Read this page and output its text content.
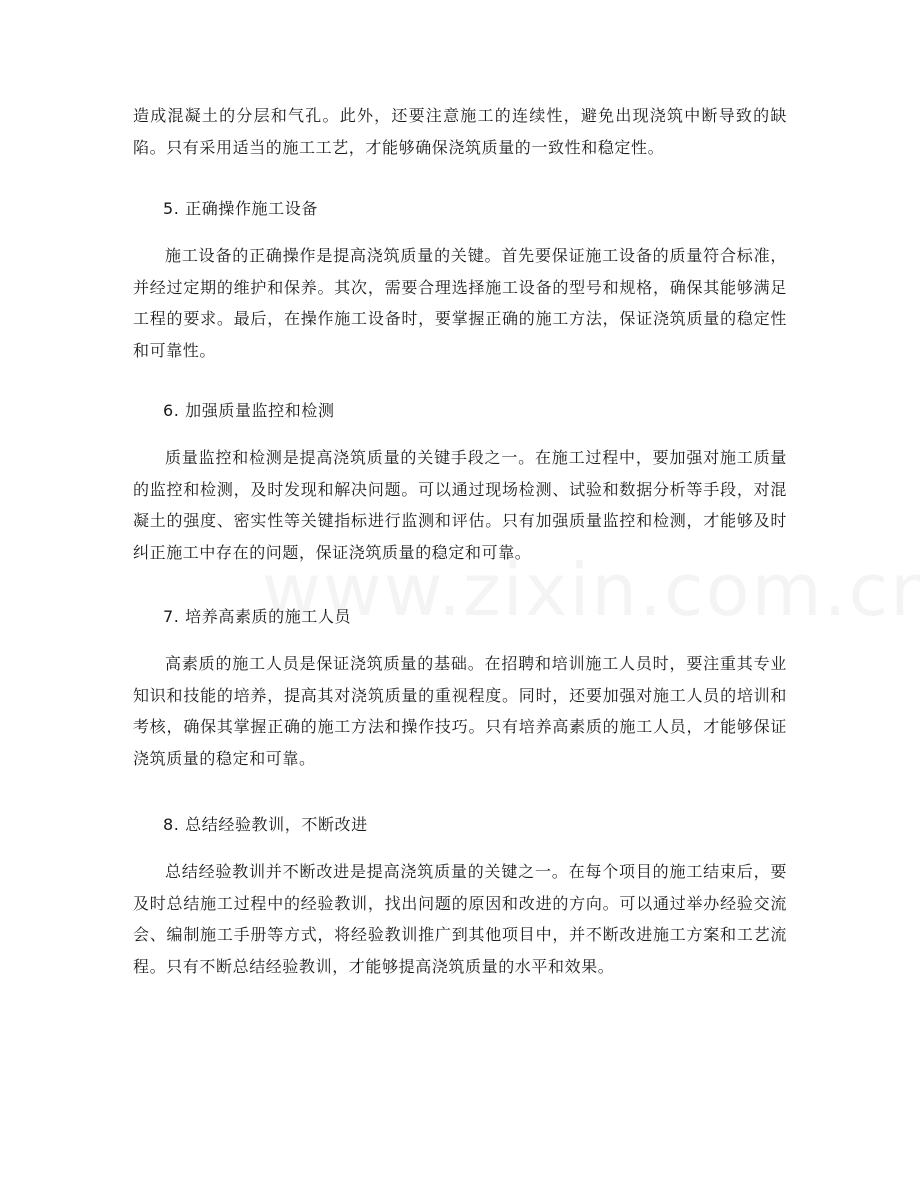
造成混凝土的分层和气孔。此外，还要注意施工的连续性，避免出现浇筑中断导致的缺陷。只有采用适当的施工工艺，才能够确保浇筑质量的一致性和稳定性。

5. 正确操作施工设备

施工设备的正确操作是提高浇筑质量的关键。首先要保证施工设备的质量符合标准，并经过定期的维护和保养。其次，需要合理选择施工设备的型号和规格，确保其能够满足工程的要求。最后，在操作施工设备时，要掌握正确的施工方法，保证浇筑质量的稳定性和可靠性。

6. 加强质量监控和检测

质量监控和检测是提高浇筑质量的关键手段之一。在施工过程中，要加强对施工质量的监控和检测，及时发现和解决问题。可以通过现场检测、试验和数据分析等手段，对混凝土的强度、密实性等关键指标进行监测和评估。只有加强质量监控和检测，才能够及时纠正施工中存在的问题，保证浇筑质量的稳定和可靠。

7. 培养高素质的施工人员

高素质的施工人员是保证浇筑质量的基础。在招聘和培训施工人员时，要注重其专业知识和技能的培养，提高其对浇筑质量的重视程度。同时，还要加强对施工人员的培训和考核，确保其掌握正确的施工方法和操作技巧。只有培养高素质的施工人员，才能够保证浇筑质量的稳定和可靠。

8. 总结经验教训，不断改进

总结经验教训并不断改进是提高浇筑质量的关键之一。在每个项目的施工结束后，要及时总结施工过程中的经验教训，找出问题的原因和改进的方向。可以通过举办经验交流会、编制施工手册等方式，将经验教训推广到其他项目中，并不断改进施工方案和工艺流程。只有不断总结经验教训，才能够提高浇筑质量的水平和效果。
